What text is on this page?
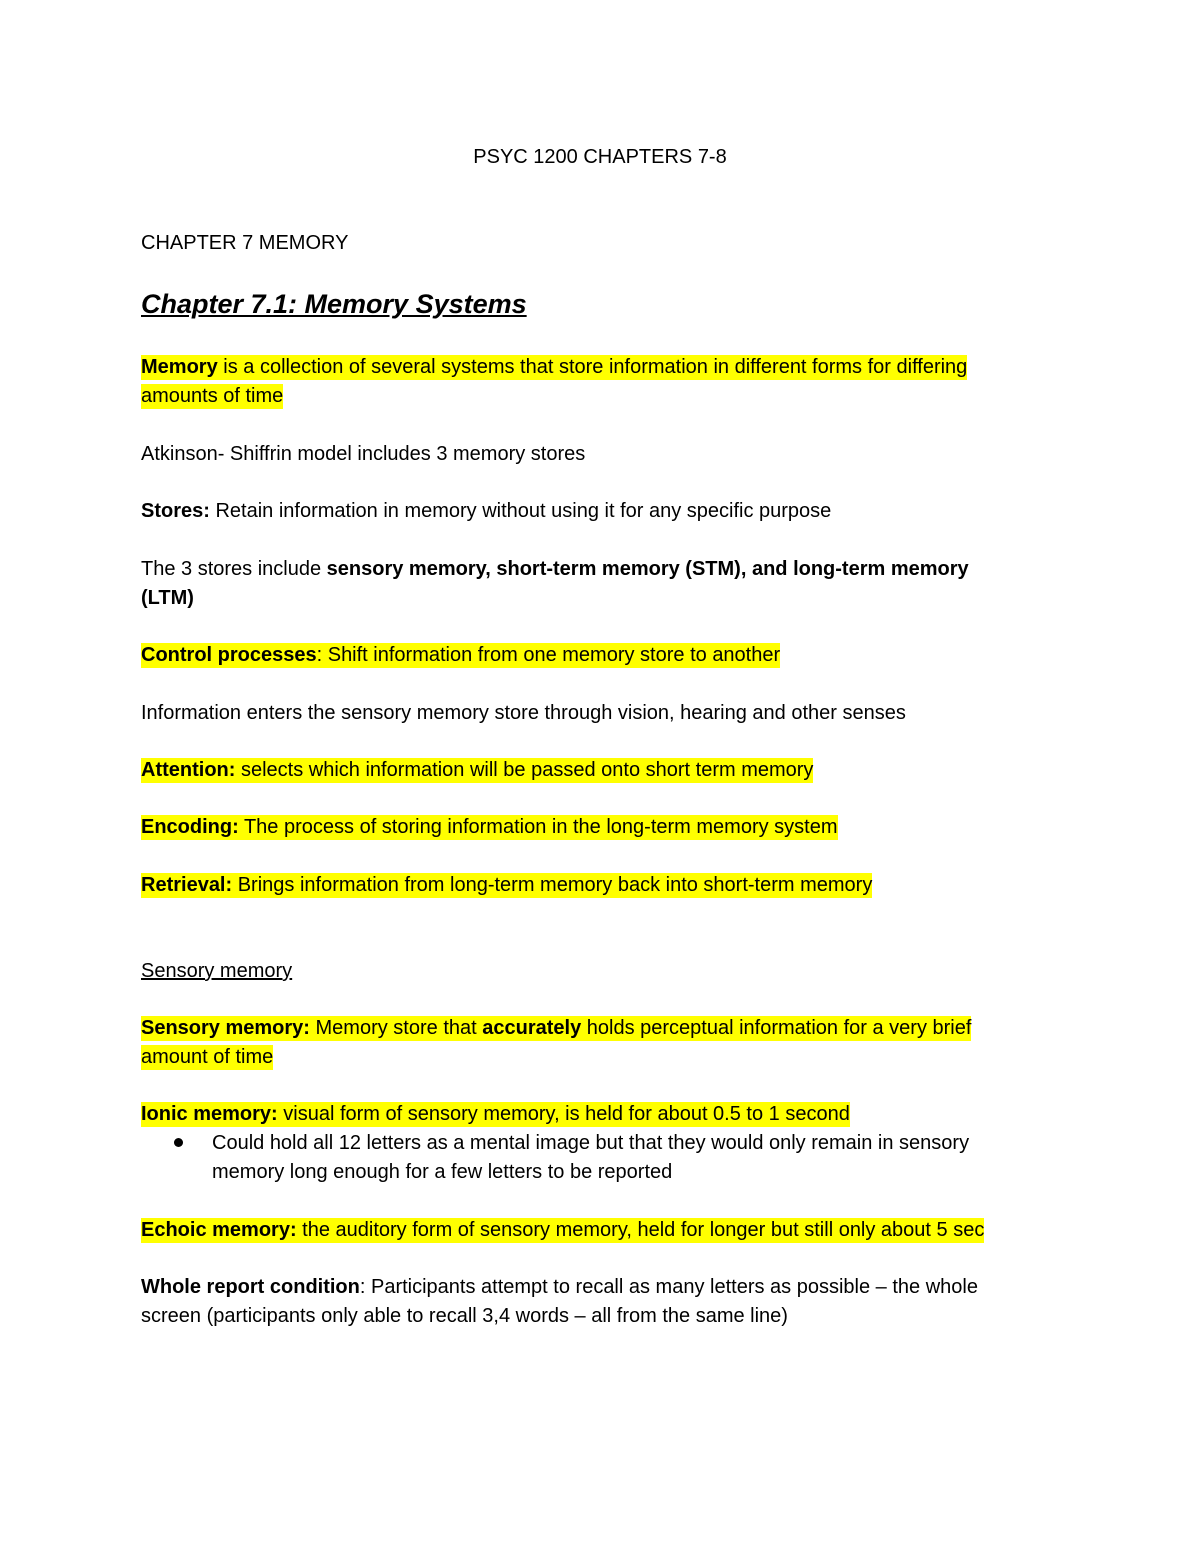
PSYC 1200 CHAPTERS 7-8
CHAPTER 7 MEMORY
Chapter 7.1: Memory Systems
Memory is a collection of several systems that store information in different forms for differing
amounts of time
Atkinson- Shiffrin model includes 3 memory stores
Stores: Retain information in memory without using it for any specific purpose
The 3 stores include sensory memory, short-term memory (STM), and long-term memory
(LTM)
Control processes: Shift information from one memory store to another
Information enters the sensory memory store through vision, hearing and other senses
Attention: selects which information will be passed onto short term memory
Encoding: The process of storing information in the long-term memory system
Retrieval: Brings information from long-term memory back into short-term memory
Sensory memory
Sensory memory: Memory store that accurately holds perceptual information for a very brief
amount of time
Ionic memory: visual form of sensory memory, is held for about 0.5 to 1 second
Could hold all 12 letters as a mental image but that they would only remain in sensory
memory long enough for a few letters to be reported
Echoic memory: the auditory form of sensory memory, held for longer but still only about 5 sec
Whole report condition: Participants attempt to recall as many letters as possible – the whole
screen (participants only able to recall 3,4 words – all from the same line)
